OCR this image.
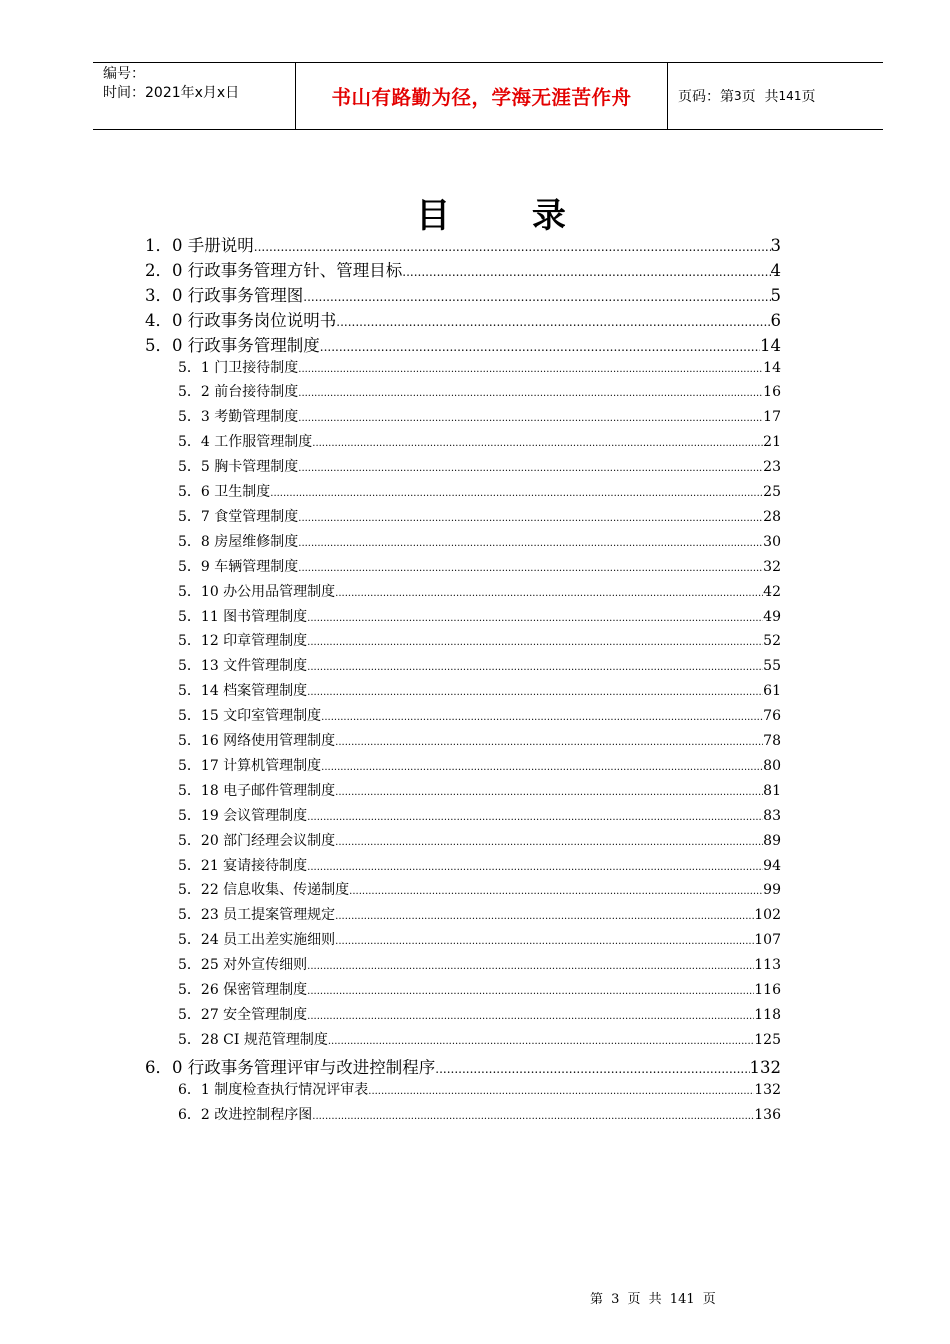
编号：
时间：2021年x月x日	书山有路勤为径，学海无涯苦作舟	页码：第 3 页  共 141 页
目 录
1．0 手册说明 .....	3
2．0 行政事务管理方针、管理目标 .....	4
3．0 行政事务管理图 .....	5
4．0 行政事务岗位说明书 .....	6
5．0 行政事务管理制度 .....	14
5．1 门卫接待制度 .....	14
5．2 前台接待制度 .....	16
5．3 考勤管理制度 .....	17
5．4 工作服管理制度 .....	21
5．5 胸卡管理制度 .....	23
5．6 卫生制度 .....	25
5．7 食堂管理制度 .....	28
5．8 房屋维修制度 .....	30
5．9 车辆管理制度 .....	32
5．10 办公用品管理制度 .....	42
5．11 图书管理制度 .....	49
5．12 印章管理制度 .....	52
5．13 文件管理制度 .....	55
5．14 档案管理制度 .....	61
5．15 文印室管理制度 .....	76
5．16 网络使用管理制度 .....	78
5．17 计算机管理制度 .....	80
5．18 电子邮件管理制度 .....	81
5．19 会议管理制度 .....	83
5．20 部门经理会议制度 .....	89
5．21 宴请接待制度 .....	94
5．22 信息收集、传递制度 .....	99
5．23 员工提案管理规定 .....	102
5．24 员工出差实施细则 .....	107
5．25 对外宣传细则 .....	113
5．26 保密管理制度 .....	116
5．27 安全管理制度 .....	118
5．28 CI 规范管理制度 .....	125
6．0 行政事务管理评审与改进控制程序 .....	132
6．1 制度检查执行情况评审表 .....	132
6．2 改进控制程序图 .....	136
第 3 页 共 141 页
